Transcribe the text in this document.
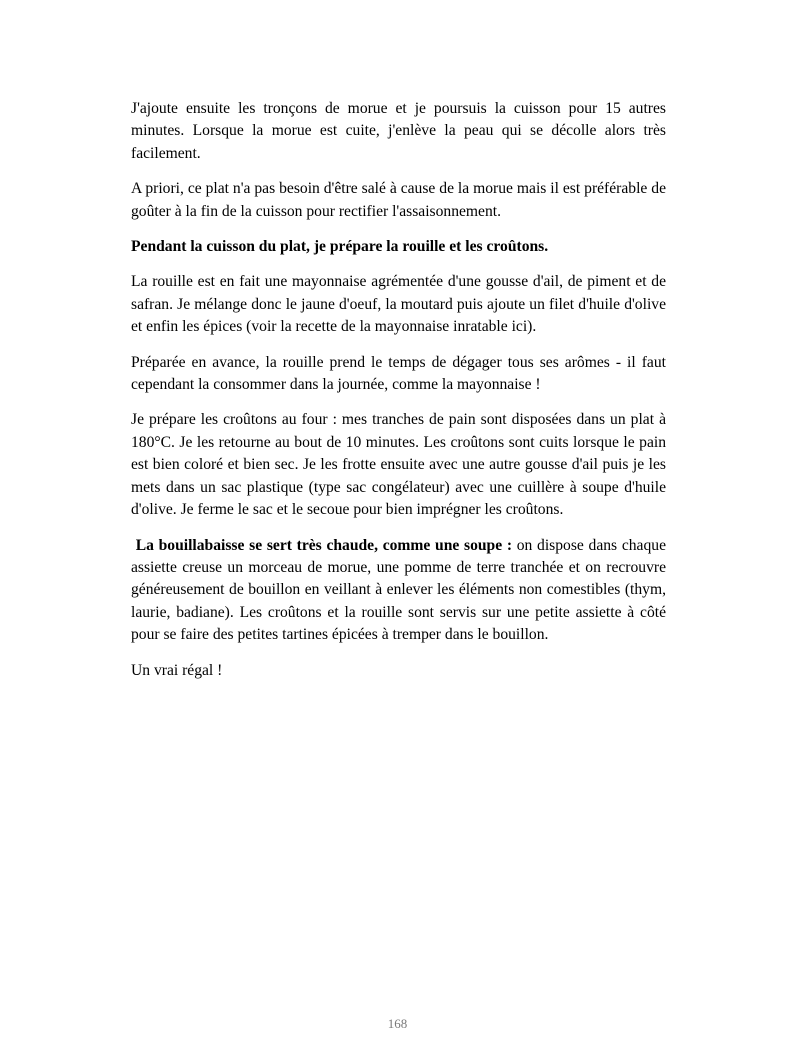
J'ajoute ensuite les tronçons de morue et je poursuis la cuisson pour 15 autres minutes. Lorsque la morue est cuite, j'enlève la peau qui se décolle alors très facilement.

A priori, ce plat n'a pas besoin d'être salé à cause de la morue mais il est préférable de goûter à la fin de la cuisson pour rectifier l'assaisonnement.

Pendant la cuisson du plat, je prépare la rouille et les croûtons.

La rouille est en fait une mayonnaise agrémentée d'une gousse d'ail, de piment et de safran. Je mélange donc le jaune d'oeuf, la moutard puis ajoute un filet d'huile d'olive et enfin les épices (voir la recette de la mayonnaise inratable ici).

Préparée en avance, la rouille prend le temps de dégager tous ses arômes - il faut cependant la consommer dans la journée, comme la mayonnaise !

Je prépare les croûtons au four : mes tranches de pain sont disposées dans un plat à 180°C. Je les retourne au bout de 10 minutes. Les croûtons sont cuits lorsque le pain est bien coloré et bien sec. Je les frotte ensuite avec une autre gousse d'ail puis je les mets dans un sac plastique (type sac congélateur) avec une cuillère à soupe d'huile d'olive. Je ferme le sac et le secoue pour bien imprégner les croûtons.

La bouillabaisse se sert très chaude, comme une soupe : on dispose dans chaque assiette creuse un morceau de morue, une pomme de terre tranchée et on recrouvre généreusement de bouillon en veillant à enlever les éléments non comestibles (thym, laurie, badiane). Les croûtons et la rouille sont servis sur une petite assiette à côté pour se faire des petites tartines épicées à tremper dans le bouillon.

Un vrai régal !

168
